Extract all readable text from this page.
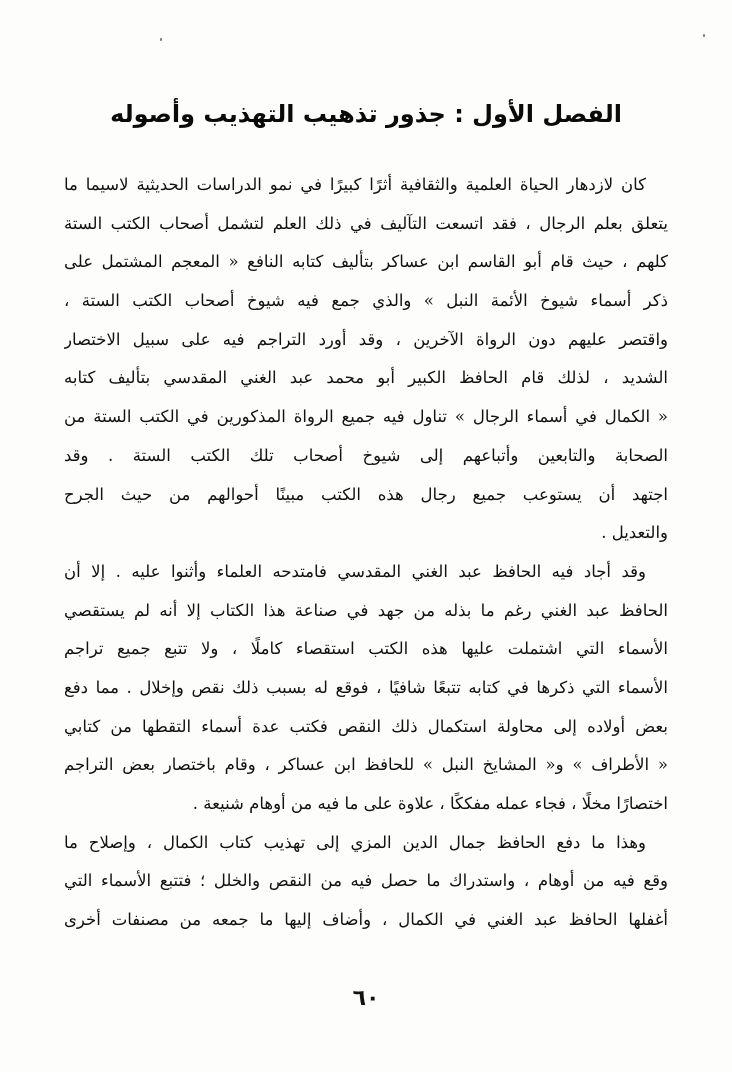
الفصل الأول : جذور تذهيب التهذيب وأصوله
كان لازدهار الحياة العلمية والثقافية أثرًا كبيرًا في نمو الدراسات الحديثية لاسيما ما
يتعلق بعلم الرجال ، فقد اتسعت التآليف في ذلك العلم لتشمل أصحاب الكتب الستة
كلهم ، حيث قام أبو القاسم ابن عساكر بتأليف كتابه النافع « المعجم المشتمل على
ذكر أسماء شيوخ الأئمة النبل » والذي جمع فيه شيوخ أصحاب الكتب الستة ،
واقتصر عليهم دون الرواة الآخرين ، وقد أورد التراجم فيه على سبيل الاختصار
الشديد ، لذلك قام الحافظ الكبير أبو محمد عبد الغني المقدسي بتأليف كتابه
« الكمال في أسماء الرجال » تناول فيه جميع الرواة المذكورين في الكتب الستة من
الصحابة والتابعين وأتباعهم إلى شيوخ أصحاب تلك الكتب الستة . وقد
اجتهد أن يستوعب جميع رجال هذه الكتب مبينًا أحوالهم من حيث الجرح
والتعديل .
وقد أجاد فيه الحافظ عبد الغني المقدسي فامتدحه العلماء وأثنوا عليه . إلا أن
الحافظ عبد الغني رغم ما بذله من جهد في صناعة هذا الكتاب إلا أنه لم يستقصي
الأسماء التي اشتملت عليها هذه الكتب استقصاء كاملًا ، ولا تتبع جميع تراجم
الأسماء التي ذكرها في كتابه تتبعًا شافيًا ، فوقع له بسبب ذلك نقص وإخلال . مما دفع
بعض أولاده إلى محاولة استكمال ذلك النقص فكتب عدة أسماء التقطها من كتابي
« الأطراف » و« المشايخ النبل » للحافظ ابن عساكر ، وقام باختصار بعض التراجم
اختصارًا مخلًا ، فجاء عمله مفككًا ، علاوة على ما فيه من أوهام شنيعة .
وهذا ما دفع الحافظ جمال الدين المزي إلى تهذيب كتاب الكمال ، وإصلاح ما
وقع فيه من أوهام ، واستدراك ما حصل فيه من النقص والخلل ؛ فتتبع الأسماء التي
أغفلها الحافظ عبد الغني في الكمال ، وأضاف إليها ما جمعه من مصنفات أخرى
٦٠
